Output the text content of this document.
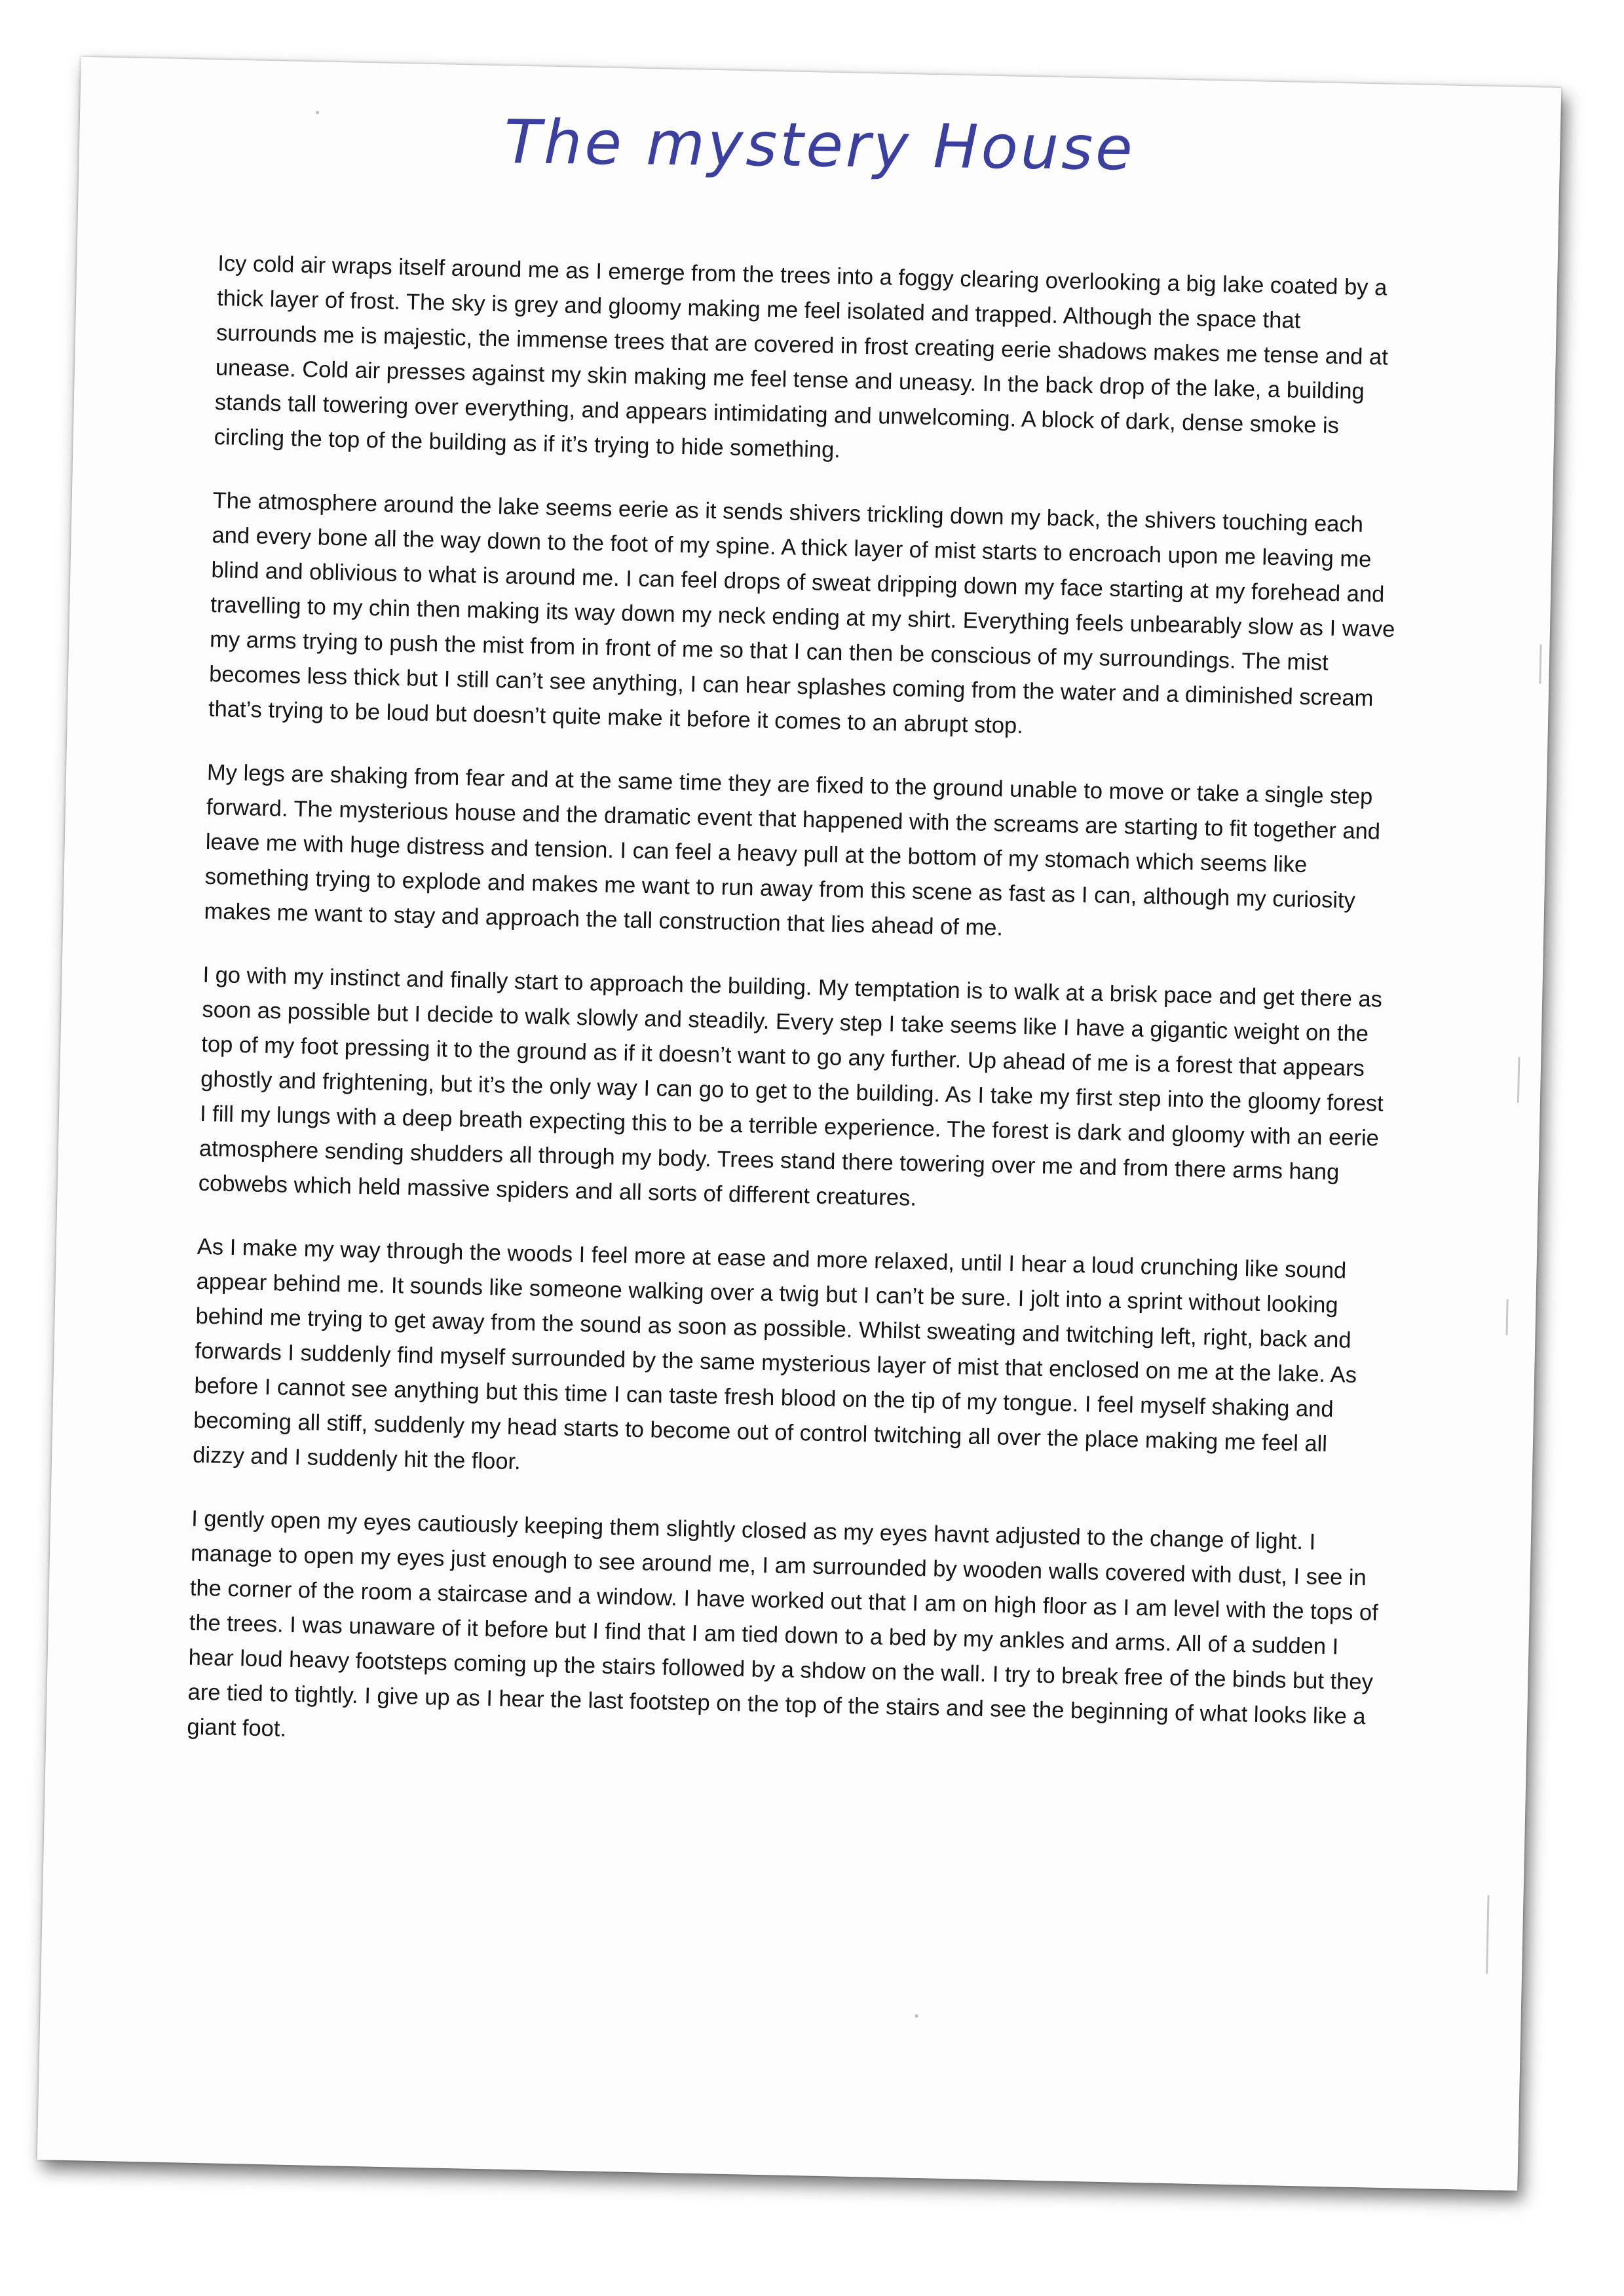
The mystery House

Icy cold air wraps itself around me as I emerge from the trees into a foggy clearing overlooking a big lake coated by a thick layer of frost. The sky is grey and gloomy making me feel isolated and trapped. Although the space that surrounds me is majestic, the immense trees that are covered in frost creating eerie shadows makes me tense and at unease. Cold air presses against my skin making me feel tense and uneasy. In the back drop of the lake, a building stands tall towering over everything, and appears intimidating and unwelcoming. A block of dark, dense smoke is circling the top of the building as if it’s trying to hide something.

The atmosphere around the lake seems eerie as it sends shivers trickling down my back, the shivers touching each and every bone all the way down to the foot of my spine. A thick layer of mist starts to encroach upon me leaving me blind and oblivious to what is around me. I can feel drops of sweat dripping down my face starting at my forehead and travelling to my chin then making its way down my neck ending at my shirt. Everything feels unbearably slow as I wave my arms trying to push the mist from in front of me so that I can then be conscious of my surroundings. The mist becomes less thick but I still can’t see anything, I can hear splashes coming from the water and a diminished scream that’s trying to be loud but doesn’t quite make it before it comes to an abrupt stop.

My legs are shaking from fear and at the same time they are fixed to the ground unable to move or take a single step forward. The mysterious house and the dramatic event that happened with the screams are starting to fit together and leave me with huge distress and tension. I can feel a heavy pull at the bottom of my stomach which seems like something trying to explode and makes me want to run away from this scene as fast as I can, although my curiosity makes me want to stay and approach the tall construction that lies ahead of me.

I go with my instinct and finally start to approach the building. My temptation is to walk at a brisk pace and get there as soon as possible but I decide to walk slowly and steadily. Every step I take seems like I have a gigantic weight on the top of my foot pressing it to the ground as if it doesn’t want to go any further. Up ahead of me is a forest that appears ghostly and frightening, but it’s the only way I can go to get to the building. As I take my first step into the gloomy forest I fill my lungs with a deep breath expecting this to be a terrible experience. The forest is dark and gloomy with an eerie atmosphere sending shudders all through my body. Trees stand there towering over me and from there arms hang cobwebs which held massive spiders and all sorts of different creatures.

As I make my way through the woods I feel more at ease and more relaxed, until I hear a loud crunching like sound appear behind me. It sounds like someone walking over a twig but I can’t be sure. I jolt into a sprint without looking behind me trying to get away from the sound as soon as possible. Whilst sweating and twitching left, right, back and forwards I suddenly find myself surrounded by the same mysterious layer of mist that enclosed on me at the lake. As before I cannot see anything but this time I can taste fresh blood on the tip of my tongue. I feel myself shaking and becoming all stiff, suddenly my head starts to become out of control twitching all over the place making me feel all dizzy and I suddenly hit the floor.

I gently open my eyes cautiously keeping them slightly closed as my eyes havnt adjusted to the change of light. I manage to open my eyes just enough to see around me, I am surrounded by wooden walls covered with dust, I see in the corner of the room a staircase and a window. I have worked out that I am on high floor as I am level with the tops of the trees. I was unaware of it before but I find that I am tied down to a bed by my ankles and arms. All of a sudden I hear loud heavy footsteps coming up the stairs followed by a shdow on the wall. I try to break free of the binds but they are tied to tightly. I give up as I hear the last footstep on the top of the stairs and see the beginning of what looks like a giant foot.
